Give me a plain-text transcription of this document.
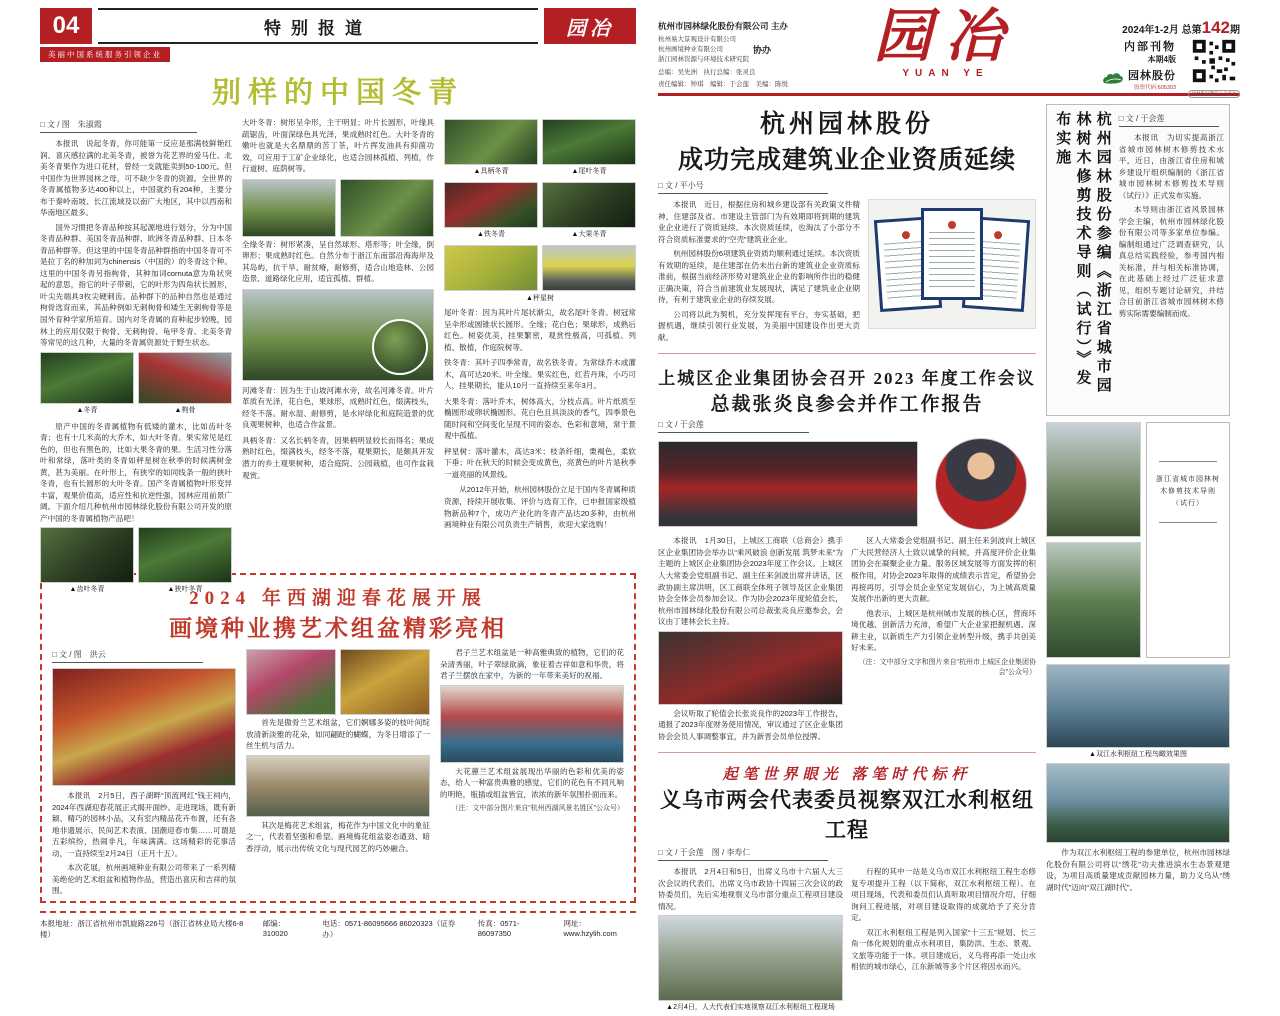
04	特别报道	园冶
美丽中国系统服务引领企业
别样的中国冬青
□ 文 / 图　朱淑霞

本报讯　说起冬青，你可能第一反应是那满枝鲜艳红润、喜庆感拉满的北美冬青，被誉为花艺界的爱马仕。北美冬青果作为进口花材，曾经一支就能卖到50-100元。但中国作为世界园林之母，可不缺少冬青的资源。全世界的冬青属植物多达400种以上，中国就约有204种，主要分布于秦岭南坡、长江流域及以南广大地区，其中以西南和华南地区最多。

国外习惯把冬青品种按其起源地进行划分，分为中国冬青品种群、美国冬青品种群、欧洲冬青品种群、日本冬青品种群等。但这里的中国冬青品种群指的中国冬青可不是拉丁名的种加词为chinensis（中国的）的冬青这个种。这里的中国冬青另指枸骨，其种加词cornuta意为角状突起的意思，指它的叶子带刺，它的叶形为四角状长圆形，叶尖先端具3枚尖硬刺齿。品种群下的品种自然也是通过枸骨选育而来，其品种例如无刺枸骨和矮生无刺枸骨等是国外育种学家所培育。国内对冬青属的育种起步较晚，园林上的应用仅限于枸骨、无刺枸骨、龟甲冬青、北美冬青等常见的这几种，大量的冬青属资源处于野生状态。

▲冬青	▲枸骨

原产中国的冬青属植物有低矮的灌木，比如齿叶冬青；也有十几米高的大乔木，如大叶冬青。果实常见是红色的，但也有黑色的，比如大果冬青的果。生活习性分落叶和常绿，落叶类的冬青如秤星树在秋季的时候满树金黄，甚为美丽。在叶形上，有狭窄的如同线条一般的狭叶冬青，也有长圆形的大叶冬青。国产冬青属植物叶形变异丰富，观果价值高，适应性和抗逆性强，园林应用前景广阔。下面介绍几种杭州市园林绿化股份有限公司开发的原产中国的冬青属植物产品吧！

▲齿叶冬青	▲狭叶冬青

大叶冬青：树形呈伞形，主干明显；叶片长圆形，叶缘具疏锯齿，叶面深绿色具光泽，果成熟时红色。大叶冬青的嫩叶也就是大名鼎鼎的苦丁茶，叶片挥发油具有抑菌功效，可应用于工矿企业绿化，也适合园林孤植、列植，作行道树、庭荫树等。

全缘冬青：树形紧凑，呈自然球形、塔形等；叶全缘，倒卵形；果成熟时红色。自然分布于浙江东南部沿海海岸及其岛屿，抗干旱、耐贫瘠，耐修剪，适合山地造林、公园造景、道路绿化应用，适宜孤植、群植。

河滩冬青：因为生于山坡河滩水旁，故名河滩冬青。叶片革质有光泽，花白色，果球形，成熟时红色，缀满枝头，经冬不落。耐水湿、耐修剪，是水岸绿化和庭院造景的优良观果树种，也适合作盆景。

具柄冬青：又名长柄冬青，因果柄明显较长而得名；果成熟时红色，缀满枝头，经冬不落，观果期长，是颇具开发潜力的乡土观果树种，适合庭院、公园栽植，也可作盆栽观赏。

▲具柄冬青	▲尾叶冬青
▲铁冬青	▲大果冬青
▲秤星树

尾叶冬青：因为其叶片尾状渐尖，故名尾叶冬青。树冠常呈伞形或圆锥状长圆形。全缘；花白色；果球形，成熟后红色。树姿优美，挂果繁密，观赏性极高，可孤植、列植、散植，作庭院树等。

铁冬青：其叶子四季常青，故名铁冬青。为常绿乔木或灌木，高可达20米。叶全缘。果实红色，红若丹珠，小巧可人，挂果期长，能从10月一直持续至来年3月。

大果冬青：落叶乔木，树体高大，分枝点高。叶片纸质至椭圆形或卵状椭圆形。花白色且具淡淡的香气，四季景色随时间和空间变化呈现不同的姿态、色彩和意境，常于景观中孤植。

秤星树：落叶灌木，高达3米；枝条纤细，栗褐色，柔软下垂；叶在秋天的时候会变成黄色，亮黄色的叶片是秋季一道亮丽的风景线。

从2012年开始，杭州园林股份立足于国内冬青属种质资源，持续开展收集、评价与选育工作，已申报国家级植物新品种7个，成功产业化的冬青产品达20多种，由杭州画境种业有限公司负责生产销售，欢迎大家选购！

2024 年西湖迎春花展开展
画境种业携艺术组盆精彩亮相
□ 文 / 图　洪云

本报讯　2月5日，西子湖畔“顶流网红”钱王祠内，2024年西湖迎春花展正式揭开面纱。走进现场，既有新颖、精巧的园林小品，又有室内精品花卉布置，还有各地非遗展示、民间艺术表演、国潮迎春市集……可谓是五彩缤纷，热闹非凡，年味满满。这场精彩的花事活动，一直持续至2月24日（正月十五）。

本次花展，杭州画境种业有限公司带来了一系列精美绝伦的艺术组盆和植物作品，营造出喜庆和吉祥的氛围。

首先是傲骨兰艺术组盆，它们婀娜多姿的枝叶间绽放清新淡雅的花朵，如同翩跹的蝴蝶，为冬日增添了一丝生机与活力。

其次是梅花艺术组盆，梅花作为中国文化中的象征之一，代表着坚强和希望。画境梅花组盆姿态遒劲、暗香浮动，展示出传统文化与现代园艺的巧妙融合。

君子兰艺术组盆是一种高雅典致的植物，它们的花朵清秀丽，叶子翠绿欲滴，象征着吉祥如意和华贵，将君子兰摆放在家中，为新的一年带来美好的祝福。

大花蕙兰艺术组盆展现出华丽的色彩和优美的姿态，给人一种富贵典雅的感觉，它们的花色有不同凡响的明艳，瓶插或组盆皆宜，浓浓的新年氛围扑面而来。

（注：文中部分图片来自“杭州西湖风景名胜区”公众号）
本报地址：浙江省杭州市凯旋路226号（浙江省林业局大楼6-8楼）
邮编：310020
电话：0571-86095666 86020323（证券办）
传真：0571-86097350
网址：www.hzylih.com
杭州市园林绿化股份有限公司 主办
杭州易大景观设计有限公司
杭州画境种业有限公司
浙江园林资源与环境技术研究院
协办
总编：吴先洲　执行总编：张灵良
责任编辑：钟琪　编辑：于会莲　美编：陈悦
园冶
YUAN YE
2024年1-2月 总第142期
内部刊物
本期4版
园林股份
股票代码:605303
园林股份微信公众平台
杭州园林股份
成功完成建筑业企业资质延续
□ 文 / 平小号

本报讯　近日，根据住房和城乡建设部有关政策文件精神，住建部及省、市建设主管部门为有效期即将到期的建筑业企业进行了资质延续。本次资质延续，也淘汰了小部分不符合资质标准要求的“空壳”建筑业企业。

杭州园林股份6项建筑业资质均顺利通过延续。本次资质有效期的延续，是住建部在仍未出台新的建筑业企业资质标准前，根据当前经济形势对建筑业企业的影响所作出的稳健正确决策，符合当前建筑业发展现状，满足了建筑业企业期待，有利于建筑业企业的存续发展。

公司将以此为契机，充分发挥现有平台，夯实基础，把握机遇，继续引领行业发展，为美丽中国建设作出更大贡献。

上城区企业集团协会召开 2023 年度工作会议
总裁张炎良参会并作工作报告
□ 文 / 于会莲

本报讯　1月30日，上城区工商联（总商会）携手区企业集团协会举办以“乘风破浪 创新发展 筑梦未来”为主题的上城区企业集团协会2023年度工作会议。上城区人大常委会党组副书记、副主任来剑波出席并讲话，区政协副主席洪明，区工商联全体班子领导及区企业集团协会全体会员参加会议。作为协会2023年度轮值会长，杭州市园林绿化股份有限公司总裁张炎良应邀参会，会议由丁建林会长主持。

会议听取了轮值会长张炎良作的2023年工作报告，通报了2023年度财务使用情况，审议通过了区企业集团协会会员人事调整事宜，并为新晋会员单位授牌。

区人大常委会党组副书记、副主任来剑波向上城区广大民营经济人士致以诚挚的问候，并高度评价企业集团协会在凝聚企业力量、服务区域发展等方面发挥的积极作用，对协会2023年取得的成绩表示肯定，希望协会再接再厉，引导会员企业坚定发展信心，为上城高质量发展作出新的更大贡献。

他表示，上城区是杭州城市发展的核心区，营商环境优越、创新活力充沛，希望广大企业家把握机遇、深耕主业，以新质生产力引领企业转型升级，携手共创美好未来。

（注：文中部分文字和图片来自“杭州市上城区企业集团协会”公众号）
起笔世界眼光 落笔时代标杆
义乌市两会代表委员视察双江水利枢纽工程
□ 文 / 于会莲　图 / 李寿仁

本报讯　2月4日和5日，出席义乌市十六届人大三次会议的代表们、出席义乌市政协十四届三次会议的政协委员们，先后实地视察义乌市部分重点工程项目建设情况。

▲2月4日，人大代表们实地视察双江水利枢纽工程现场

行程的其中一站是义乌市双江水利枢纽工程生态修复专项提升工程（以下简称，双江水利枢纽工程）。在项目现场，代表和委员们认真听取项目情况介绍，仔细询问工程进展，对项目建设取得的成就给予了充分肯定。

双江水利枢纽工程是列入国家“十三五”规划、长三角一体化规划的重点水利项目，集防洪、生态、景观、文旅等功能于一体。项目建成后，义乌将再添一处山水相依的城市绿心，江东新城等多个片区将因水而兴。

杭州园林股份参编《浙江省城市园林树木修剪技术导则（试行）》发布实施	□ 文 / 于会莲

本报讯　为切实提高浙江省城市园林树木修剪技术水平，近日，由浙江省住房和城乡建设厅组织编制的《浙江省城市园林树木修剪技术导则（试行）》正式发布实施。

本导则由浙江省风景园林学会主编，杭州市园林绿化股份有限公司等多家单位参编。编制组通过广泛调查研究，认真总结实践经验，参考国内相关标准，并与相关标准协调，在此基础上经过广泛征求意见，组织专题讨论研究，并结合目前浙江省城市园林树木修剪实际需要编制而成。

浙江省城市园林树木修剪技术导则（试行）
▲双江水利枢纽工程鸟瞰效果图

作为双江水利枢纽工程的参建单位，杭州市园林绿化股份有限公司将以“绣花”功夫推进滨水生态景观建设，为项目高质量建成贡献园林力量，助力义乌从“绣湖时代”迈向“双江湖时代”。
